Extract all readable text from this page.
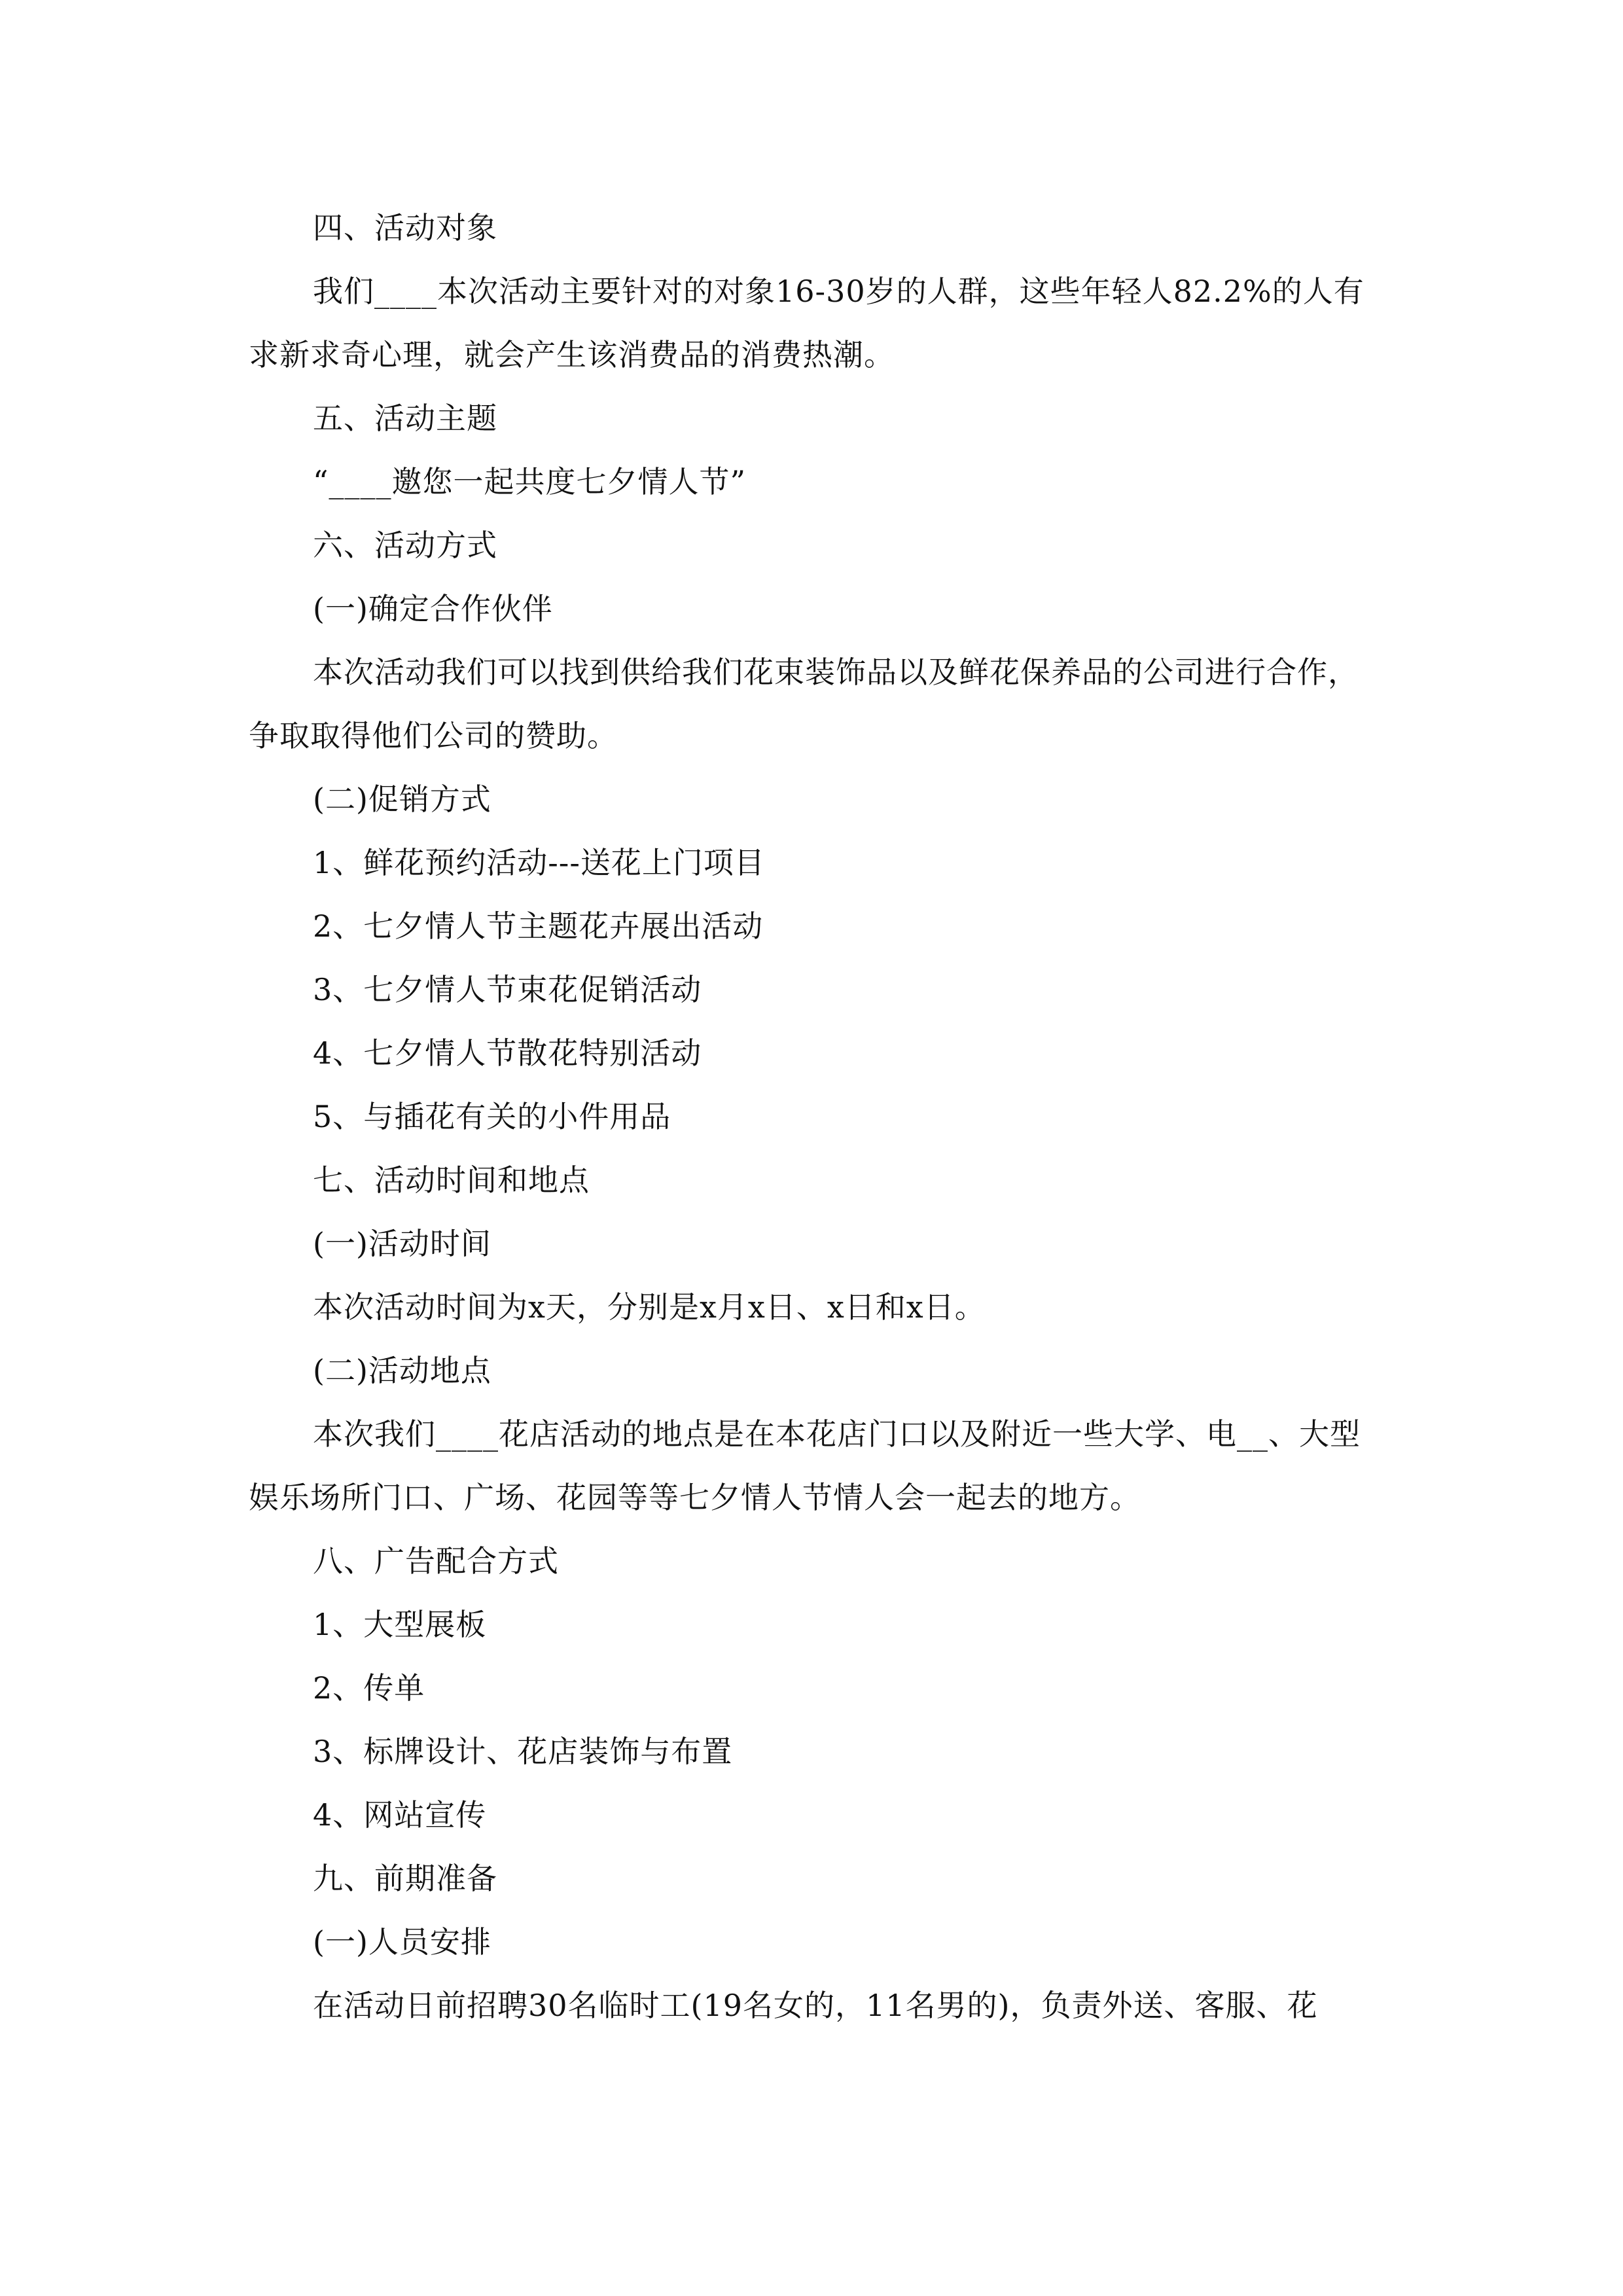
四、活动对象

我们____本次活动主要针对的对象16-30岁的人群，这些年轻人82.2%的人有求新求奇心理，就会产生该消费品的消费热潮。

五、活动主题

“____邀您一起共度七夕情人节”

六、活动方式

(一)确定合作伙伴

本次活动我们可以找到供给我们花束装饰品以及鲜花保养品的公司进行合作，争取取得他们公司的赞助。

(二)促销方式

1、鲜花预约活动---送花上门项目

2、七夕情人节主题花卉展出活动

3、七夕情人节束花促销活动

4、七夕情人节散花特别活动

5、与插花有关的小件用品

七、活动时间和地点

(一)活动时间

本次活动时间为x天，分别是x月x日、x日和x日。

(二)活动地点

本次我们____花店活动的地点是在本花店门口以及附近一些大学、电__、大型娱乐场所门口、广场、花园等等七夕情人节情人会一起去的地方。

八、广告配合方式

1、大型展板

2、传单

3、标牌设计、花店装饰与布置

4、网站宣传

九、前期准备

(一)人员安排

在活动日前招聘30名临时工(19名女的，11名男的)，负责外送、客服、花
